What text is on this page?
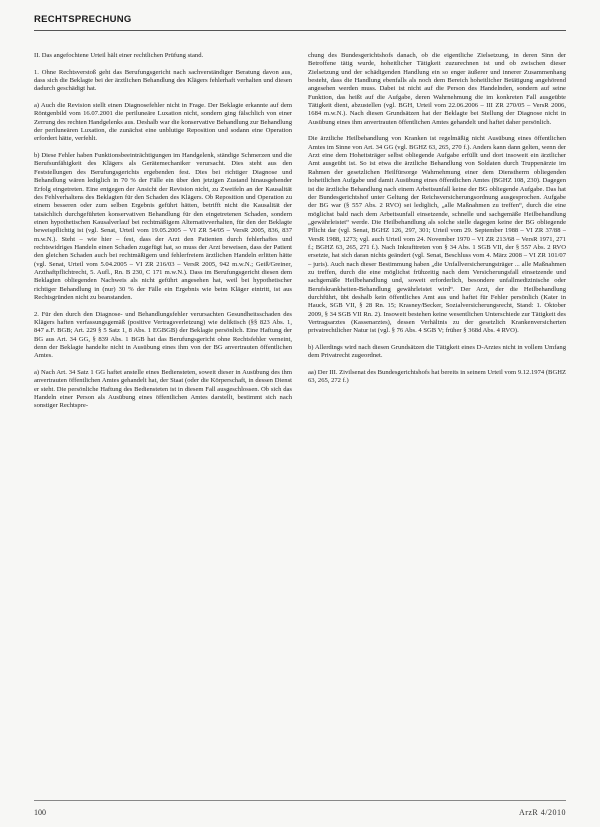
RECHTSPRECHUNG

II. Das angefochtene Urteil hält einer rechtlichen Prüfung stand.

1. Ohne Rechtsverstoß geht das Berufungsgericht nach sachverständiger Beratung davon aus, dass sich die Beklagte bei der ärztlichen Behandlung des Klägers fehlerhaft verhalten und diesen dadurch geschädigt hat.

a) Auch die Revision stellt einen Diagnosefehler nicht in Frage. Der Beklagte erkannte auf dem Röntgenbild vom 16.07.2001 die periluneäre Luxation nicht, sondern ging fälschlich von einer Zerrung des rechten Handgelenks aus. Deshalb war die konservative Behandlung zur Behandlung der periluneären Luxation, die zunächst eine unblutige Reposition und sodann eine Operation erfordert hätte, verfehlt.

b) Diese Fehler haben Funktionsbeeinträchtigungen im Handgelenk, ständige Schmerzen und die Berufsunfähigkeit des Klägers als Gerätemechaniker verursacht. Dies steht aus den Feststellungen des Berufungsgerichts ergebenden fest. Dies bei richtiger Diagnose und Behandlung wären lediglich in 70 % der Fälle ein über den jetzigen Zustand hinausgehender Erfolg eingetreten. Eine entgegen der Ansicht der Revision nicht, zu Zweifeln an der Kausalität des Fehlverhaltens des Beklagten für den Schaden des Klägers. Ob Reposition und Operation zu einem besseren oder zum selben Ergebnis geführt hätten, betrifft nicht die Kausalität der tatsächlich durchgeführten konservativen Behandlung für den eingetretenen Schaden, sondern einen hypothetischen Kausalverlauf bei rechtmäßigem Alternativverhalten, für den der Beklagte beweispflichtig ist (vgl. Senat, Urteil vom 19.05.2005 – VI ZR 54/05 – VersR 2005, 836, 837 m.w.N.). Steht – wie hier – fest, dass der Arzt den Patienten durch fehlerhaftes und rechtswidriges Handeln einen Schaden zugefügt hat, so muss der Arzt beweisen, dass der Patient den gleichen Schaden auch bei rechtmäßigem und fehlerfreiem ärztlichen Handeln erlitten hätte (vgl. Senat, Urteil vom 5.04.2005 – VI ZR 216/03 – VersR 2005, 942 m.w.N.; Geiß/Greiner, Arzthaftpflichtrecht, 5. Aufl., Rn. B 230, C 171 m.w.N.). Dass im Berufungsgericht diesen dem Beklagten obliegenden Nachweis als nicht geführt angesehen hat, weil bei hypothetischer richtiger Behandlung in (nur) 30 % der Fälle ein Ergebnis wie beim Kläger eintritt, ist aus Rechtsgründen nicht zu beanstanden.

2. Für den durch den Diagnose- und Behandlungsfehler verursachten Gesundheitsschaden des Klägers haften verfassungsgemäß (positive Vertragsverletzung) wie deliktisch (§§ 823 Abs. 1, 847 a.F. BGB; Art. 229 § 5 Satz 1, 8 Abs. 1 EGBGB) der Beklagte persönlich. Eine Haftung der BG aus Art. 34 GG, § 839 Abs. 1 BGB hat das Berufungsgericht ohne Rechtsfehler verneint, denn der Beklagte handelte nicht in Ausübung eines ihm von der BG anvertrauten öffentlichen Amtes.

a) Nach Art. 34 Satz 1 GG haftet anstelle eines Bediensteten, soweit dieser in Ausübung des ihm anvertrauten öffentlichen Amtes gehandelt hat, der Staat (oder die Körperschaft, in dessen Dienst er steht. Die persönliche Haftung des Bediensteten ist in diesem Fall ausgeschlossen. Ob sich das Handeln einer Person als Ausübung eines öffentlichen Amtes darstellt, bestimmt sich nach sonstiger Rechtspre-

chung des Bundesgerichtshofs danach, ob die eigentliche Zielsetzung, in deren Sinn der Betroffene tätig wurde, hoheitlicher Tätigkeit zuzurechnen ist und ob zwischen dieser Zielsetzung und der schädigenden Handlung ein so enger äußerer und innerer Zusammenhang besteht, dass die Handlung ebenfalls als noch dem Bereich hoheitlicher Betätigung angehörend angesehen werden muss. Dabei ist nicht auf die Person des Handelnden, sondern auf seine Funktion, das heißt auf die Aufgabe, deren Wahrnehmung die im konkreten Fall ausgeübte Tätigkeit dient, abzustellen (vgl. BGH, Urteil vom 22.06.2006 – III ZR 270/05 – VersR 2006, 1684 m.w.N.). Nach diesen Grundsätzen hat der Beklagte bei Stellung der Diagnose nicht in Ausübung eines ihm anvertrauten öffentlichen Amtes gehandelt und haftet daher persönlich.

Die ärztliche Heilbehandlung von Kranken ist regelmäßig nicht Ausübung eines öffentlichen Amtes im Sinne von Art. 34 GG (vgl. BGHZ 63, 265, 270 f.). Anders kann dann gelten, wenn der Arzt eine dem Hoheitsträger selbst obliegende Aufgabe erfüllt und dort insoweit ein ärztlicher Amt ausgeübt ist. So ist etwa die ärztliche Behandlung von Soldaten durch Truppenärzte im Rahmen der gesetzlichen Heilfürsorge Wahrnehmung einer dem Dienstherrn obliegenden hoheitlichen Aufgabe und damit Ausübung eines öffentlichen Amtes (BGHZ 108, 230). Dagegen ist die ärztliche Behandlung nach einem Arbeitsunfall keine der BG obliegende Aufgabe. Das hat der Bundesgerichtshof unter Geltung der Reichsversicherungsordnung ausgesprochen. Aufgabe der BG war (§ 557 Abs. 2 RVO) sei lediglich, „alle Maßnahmen zu treffen“, durch die eine möglichst bald nach dem Arbeitsunfall einsetzende, schnelle und sachgemäße Heilbehandlung „gewährleistet“ werde. Die Heilbehandlung als solche stelle dagegen keine der BG obliegende Pflicht dar (vgl. Senat, BGHZ 126, 297, 301; Urteil vom 29. September 1988 – VI ZR 37/88 – VersR 1988, 1273; vgl. auch Urteil vom 24. November 1970 – VI ZR 213/68 – VersR 1971, 271 f.; BGHZ 63, 265, 271 f.). Nach Inkrafttreten von § 34 Abs. 1 SGB VII, der § 557 Abs. 2 RVO ersetzte, hat sich daran nichts geändert (vgl. Senat, Beschluss vom 4. März 2008 – VI ZR 101/07 – juris). Auch nach dieser Bestimmung haben „die Unfallversicherungsträger ... alle Maßnahmen zu treffen, durch die eine möglichst frühzeitig nach dem Versicherungsfall einsetzende und sachgemäße Heilbehandlung und, soweit erforderlich, besondere unfallmedizinische oder Berufskrankheiten-Behandlung gewährleistet wird“. Der Arzt, der die Heilbehandlung durchführt, übt deshalb kein öffentliches Amt aus und haftet für Fehler persönlich (Kater in Hauck, SGB VII, § 28 Rn. 15; Krasney/Becker, Sozialversicherungsrecht, Stand: 1. Oktober 2009, § 34 SGB VII Rn. 2). Insoweit bestehen keine wesentlichen Unterschiede zur Tätigkeit des Vertragsarztes (Kassenarztes), dessen Verhältnis zu der gesetzlich Krankenversicherten privatrechtlicher Natur ist (vgl. § 76 Abs. 4 SGB V; früher § 368d Abs. 4 RVO).

b) Allerdings wird nach diesen Grundsätzen die Tätigkeit eines D-Arztes nicht in vollem Umfang dem Privatrecht zugeordnet.

aa) Der III. Zivilsenat des Bundesgerichtshofs hat bereits in seinem Urteil vom 9.12.1974 (BGHZ 63, 265, 272 f.)

100	ArzR 4/2010
